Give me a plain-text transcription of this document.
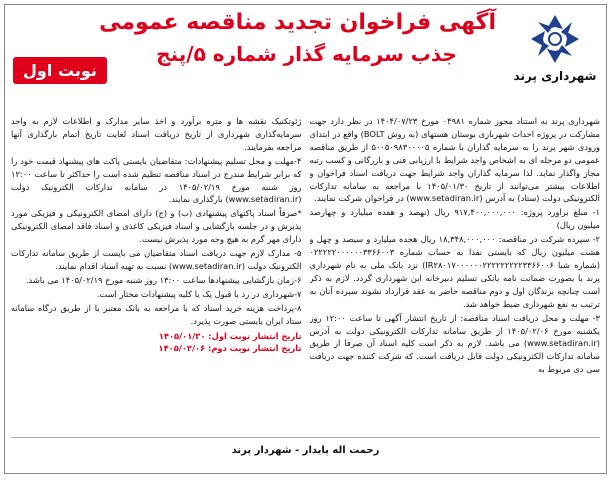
شهرداری پرند
آگهی فراخوان تجدید مناقصه عمومی
جذب سرمایه گذار شماره ۵/پنج
نوبت اول

شهرداری پرند به استناد مجوز شماره ۰۴۹۸۱ مورخ ۱۴۰۴/۰۷/۲۳ در نظر دارد جهت مشارکت در پروژه احداث شهربازی بوستان هستهای (به روش BOLT) واقع در ابتدای ورودی شهر پرند را به سرمایه گذاران با شماره ۵۰۰۵۰۹۸۳۰۰۰۰۵ از طریق مناقصه عمومی دو مرحله ای به اشخاص واجد شرایط با ارزیابی فنی و بازرگانی و کسب رتبه مجاز واگذار نماید. لذا سرمایه گذاران واجد شرایط جهت دریافت اسناد فراخوان و اطلاعات بیشتر می‌توانند از تاریخ ۱۴۰۵/۰۱/۳۰ با مراجعه به سامانه تدارکات الکترونیکی دولت (ستاد) به آدرس (www.setadiran.ir) در فراخوان شرکت نمایند.

۱- مبلغ براورد پروژه: ۹۱۷,۴۰۰,۰۰۰,۰۰۰ ریال (نهصد و هفده میلیارد و چهارصد میلیون ریال)

۲- سپرده شرکت در مناقصه: ۱۸,۳۴۸,۰۰۰,۰۰۰ ریال هجده میلیارد و سیصد و چهل و هشت میلیون ریال که بایستی نقدا به حساب شماره ۰۲۲۲۲۲۰۰۰۰۰۰۳۳۶۶۰۰۳ (شماره شبا IR۲۸۰۱۷۰۰۰۰۰۰۲۲۲۲۲۲۲۲۲۳۳۶۶۰۰۶) نزد بانک ملی به نام شهرداری پرند یا بصورت ضمانت نامه بانکی تسلیم دبیرخانه این شهرداری گردد. لازم به ذکر است چنانچه برندگان اول و دوم مناقصه حاضر به عقد قرارداد نشوند سپرده آنان به ترتیب به نفع شهرداری ضبط خواهد شد.

۳- مهلت و محل دریافت اسناد مناقصه: از تاریخ انتشار آگهی تا ساعت ۱۲:۰۰ روز یکشنبه مورخ ۱۴۰۵/۰۲/۰۶ از طریق سامانه تدارکات الکترونیکی دولت به آدرس (www.setadiran.ir) می باشد. لازم به ذکر است کلیه اسناد آن صرفا از طریق سامانه تدارکات الکترونیکی دولت قابل دریافت است. که شرکت کننده جهت دریافت سی دی مربوط به

ژئوتکنیک نقشه ها و متره برآورد و اخذ سایر مدارک و اطلاعات لازم به واحد سرمایه‌گذاری شهرداری از تاریخ دریافت اسناد لغایت تاریخ اتمام بارگذاری آنها مراجعه بفرمایند.

۴-مهلت و محل تسلیم پیشنهادات: متقاضیان بایستی پاکت های پیشنهاد قیمت خود را که برابر شرایط مندرج در اسناد مناقصه تنظیم شده است را حداکثر تا ساعت ۱۲:۰۰ روز شنبه مورخ ۱۴۰۵/۰۲/۱۹ در سامانه تدارکات الکترونیک دولت (www.setadiran.ir) بارگذاری نمایند.

*صرفاً اسناد پاکتهای پیشنهادی (ب) و (ج) دارای امضای الکترونیکی و فیزیکی مورد پذیرش و در جلسه بازگشایی و اسناد فیزیکی کاغذی و اسناد فاقد امضای الکترونیکی دارای مهر گرم به هیچ وجه مورد پذیرش نیست.

۵- مدارک لازم جهت دریافت اسناد متقاضیان می بایست از طریق سامانه تدارکات الکترونیک دولت (www.setadiran.ir) نسبت به تهیه اسناد اقدام نمایند.

۶-زمان بازگشایی پیشنهادها ساعت ۱۳:۰۰ روز شنبه مورخ ۱۴۰۵/۰۲/۱۹ می باشد.

۷-شهرداری در رد یا قبول یک یا کلیه پیشنهادات مختار است.

۸-پرداخت هزینه خرید اسناد که با مراجعه به بانک معتبر یا از طریق درگاه سامانه ستاد ایران بایستی صورت پذیرد.

تاریخ انتشار نوبت اول: ۱۴۰۵/۰۱/۳۰
تاریخ انتشار نوبت دوم: ۱۴۰۵/۰۲/۰۶
رحمت اله پایدار - شهردار پرند
